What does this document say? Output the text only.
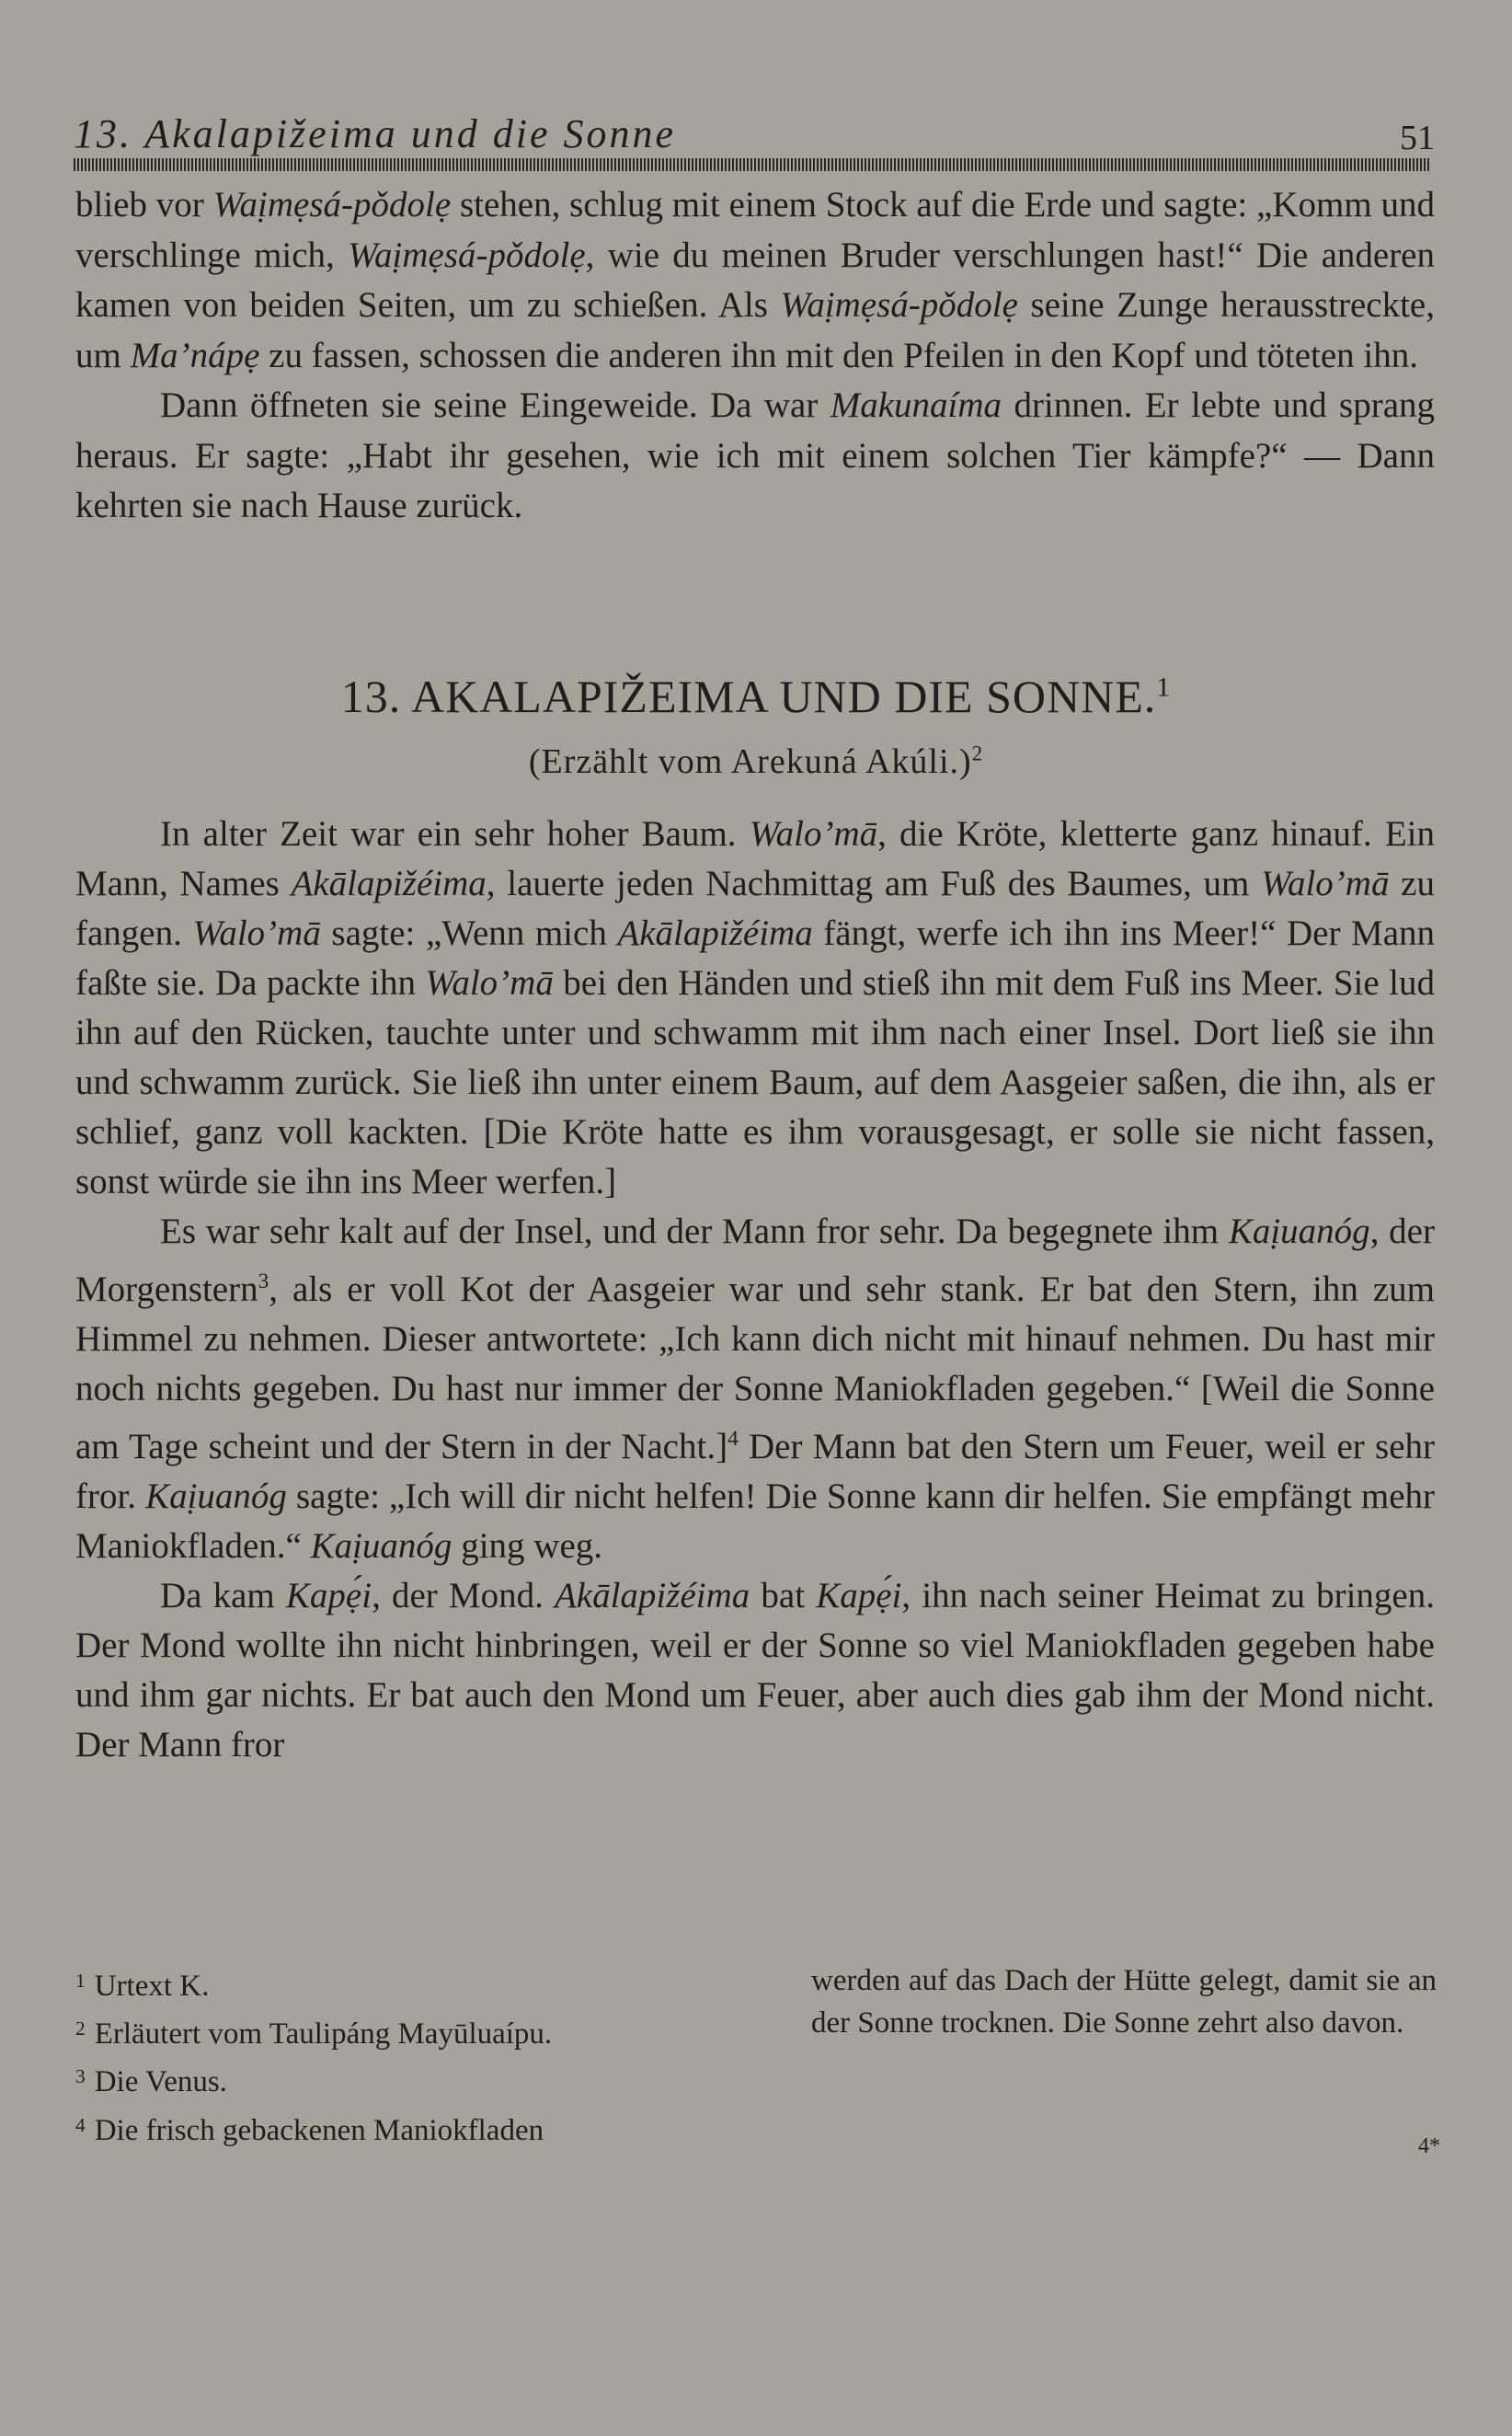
13. Akalapižeima und die Sonne	51

blieb vor Waịmẹsá-pǒdolẹ stehen, schlug mit einem Stock auf die Erde und sagte: „Komm und verschlinge mich, Waịmẹsá-pǒdolẹ, wie du meinen Bruder verschlungen hast!“ Die anderen kamen von beiden Seiten, um zu schießen. Als Waịmẹsá-pǒdolẹ seine Zunge herausstreckte, um Ma’nápẹ zu fassen, schossen die anderen ihn mit den Pfeilen in den Kopf und töteten ihn.

Dann öffneten sie seine Eingeweide. Da war Makunaíma drinnen. Er lebte und sprang heraus. Er sagte: „Habt ihr gesehen, wie ich mit einem solchen Tier kämpfe?“ — Dann kehrten sie nach Hause zurück.

13. AKALAPIŽEIMA UND DIE SONNE.$^1$
(Erzählt vom Arekuná Akúli.)$^2$

In alter Zeit war ein sehr hoher Baum. Walo’mā, die Kröte, kletterte ganz hinauf. Ein Mann, Names Akālapižéima, lauerte jeden Nachmittag am Fuß des Baumes, um Walo’mā zu fangen. Walo’mā sagte: „Wenn mich Akālapižéima fängt, werfe ich ihn ins Meer!“ Der Mann faßte sie. Da packte ihn Walo’mā bei den Händen und stieß ihn mit dem Fuß ins Meer. Sie lud ihn auf den Rücken, tauchte unter und schwamm mit ihm nach einer Insel. Dort ließ sie ihn und schwamm zurück. Sie ließ ihn unter einem Baum, auf dem Aasgeier saßen, die ihn, als er schlief, ganz voll kackten. [Die Kröte hatte es ihm vorausgesagt, er solle sie nicht fassen, sonst würde sie ihn ins Meer werfen.]

Es war sehr kalt auf der Insel, und der Mann fror sehr. Da begegnete ihm Kaịuanóg, der Morgenstern$^3$, als er voll Kot der Aasgeier war und sehr stank. Er bat den Stern, ihn zum Himmel zu nehmen. Dieser antwortete: „Ich kann dich nicht mit hinauf nehmen. Du hast mir noch nichts gegeben. Du hast nur immer der Sonne Maniokfladen gegeben.“ [Weil die Sonne am Tage scheint und der Stern in der Nacht.]$^4$ Der Mann bat den Stern um Feuer, weil er sehr fror. Kaịuanóg sagte: „Ich will dir nicht helfen! Die Sonne kann dir helfen. Sie empfängt mehr Maniokfladen.“ Kaịuanóg ging weg.

Da kam Kapẹ́i, der Mond. Akālapižéima bat Kapẹ́i, ihn nach seiner Heimat zu bringen. Der Mond wollte ihn nicht hinbringen, weil er der Sonne so viel Maniokfladen gegeben habe und ihm gar nichts. Er bat auch den Mond um Feuer, aber auch dies gab ihm der Mond nicht. Der Mann fror

$^1$ Urtext K.
$^2$ Erläutert vom Taulipáng Mayūluaípu.
$^3$ Die Venus.
$^4$ Die frisch gebackenen Maniokfladen
werden auf das Dach der Hütte gelegt, damit sie an der Sonne trocknen. Die Sonne zehrt also davon.
4*
